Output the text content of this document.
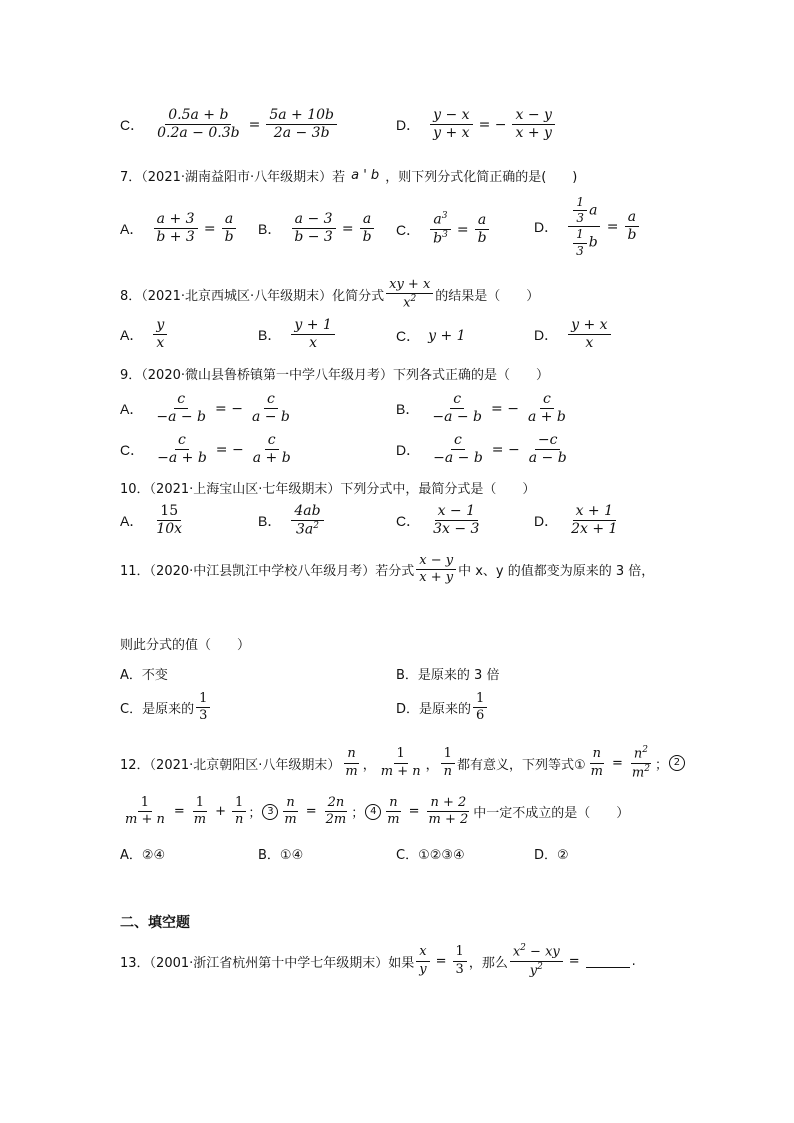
C． $\frac{0.5a + b}{0.2a - 0.3b} = \frac{5a + 10b}{2a - 3b}$	D． $\frac{y - x}{y + x}$ = − $\frac{x - y}{x + y}$
7．（2021·湖南益阳市·八年级期末）若 a ' b ，则下列分式化简正确的是(　　)
A． $\frac{a + 3}{b + 3} = \frac{a}{b}$ B． $\frac{a - 3}{b - 3} = \frac{a}{b}$ C． $\frac{a^3}{b^3} = \frac{a}{b}$	D． $\frac{\frac{1}{3} a}{\frac{1}{3} b} = \frac{a}{b}$
8．（2021·北京西城区·八年级期末）化简分式 $\frac{xy + x}{x^2}$ 的结果是（　　）
A． $\frac{y}{x}$	B． $\frac{y + 1}{x}$	C． y + 1	D． $\frac{y + x}{x}$
9．（2020·微山县鲁桥镇第一中学八年级月考）下列各式正确的是（　　）
A． $\frac{c}{-a - b}$ = − $\frac{c}{a - b}$	B． $\frac{c}{-a - b}$ = − $\frac{c}{a + b}$
C． $\frac{c}{-a + b}$ = − $\frac{c}{a + b}$	D． $\frac{c}{-a - b}$ = − $\frac{-c}{a - b}$
10．（2021·上海宝山区·七年级期末）下列分式中，最简分式是（　　）
A． $\frac{15}{10x}$	B． $\frac{4ab}{3a^2}$	C． $\frac{x - 1}{3x - 3}$	D． $\frac{x + 1}{2x + 1}$
11．（2020·中江县凯江中学校八年级月考）若分式 $\frac{x - y}{x + y}$ 中 x、y 的值都变为原来的 3 倍，
则此分式的值（　　）
A．不变	B．是原来的 3 倍
C．是原来的 $\frac{1}{3}$	D．是原来的 $\frac{1}{6}$
12．（2021·北京朝阳区·八年级期末） $\frac{n}{m}$ ， $\frac{1}{m + n}$ ， $\frac{1}{n}$ 都有意义，下列等式① $\frac{n}{m} = \frac{n^2}{m^2}$ ； 2
$\frac{1}{m + n} = \frac{1}{m} + \frac{1}{n}$ ； $3 \frac{n}{m} = \frac{2n}{2m}$ ； $4 \frac{n}{m} = \frac{n + 2}{m + 2}$ 中一定不成立的是（　　）
A．②④	B．①④	C．①②③④	D．②
二、填空题
13．（2001·浙江省杭州第十中学七年级期末）如果 $\frac{x}{y} = \frac{1}{3}$ ，那么 $\frac{x^2 - xy}{y^2}$ =	.
